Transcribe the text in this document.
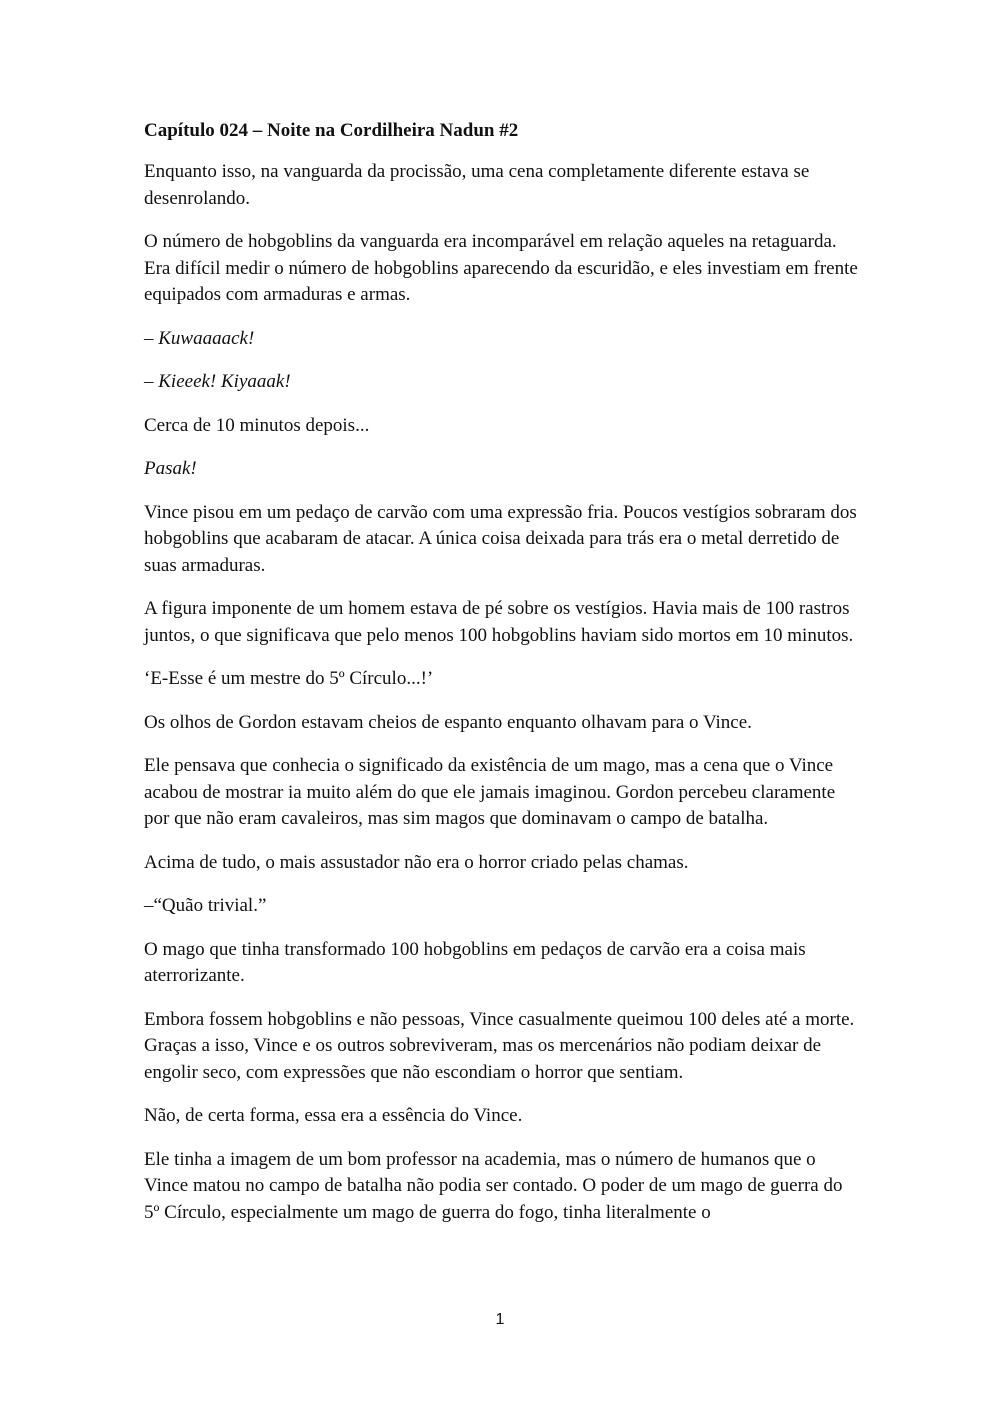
Capítulo 024 – Noite na Cordilheira Nadun #2

Enquanto isso, na vanguarda da procissão, uma cena completamente diferente estava se desenrolando.

O número de hobgoblins da vanguarda era incomparável em relação aqueles na retaguarda. Era difícil medir o número de hobgoblins aparecendo da escuridão, e eles investiam em frente equipados com armaduras e armas.

– Kuwaaaack!

– Kieeek! Kiyaaak!

Cerca de 10 minutos depois...

Pasak!

Vince pisou em um pedaço de carvão com uma expressão fria. Poucos vestígios sobraram dos hobgoblins que acabaram de atacar. A única coisa deixada para trás era o metal derretido de suas armaduras.

A figura imponente de um homem estava de pé sobre os vestígios. Havia mais de 100 rastros juntos, o que significava que pelo menos 100 hobgoblins haviam sido mortos em 10 minutos.

‘E-Esse é um mestre do 5º Círculo...!’

Os olhos de Gordon estavam cheios de espanto enquanto olhavam para o Vince.

Ele pensava que conhecia o significado da existência de um mago, mas a cena que o Vince acabou de mostrar ia muito além do que ele jamais imaginou. Gordon percebeu claramente por que não eram cavaleiros, mas sim magos que dominavam o campo de batalha.

Acima de tudo, o mais assustador não era o horror criado pelas chamas.

–“Quão trivial.”

O mago que tinha transformado 100 hobgoblins em pedaços de carvão era a coisa mais aterrorizante.

Embora fossem hobgoblins e não pessoas, Vince casualmente queimou 100 deles até a morte. Graças a isso, Vince e os outros sobreviveram, mas os mercenários não podiam deixar de engolir seco, com expressões que não escondiam o horror que sentiam.

Não, de certa forma, essa era a essência do Vince.

Ele tinha a imagem de um bom professor na academia, mas o número de humanos que o Vince matou no campo de batalha não podia ser contado. O poder de um mago de guerra do 5º Círculo, especialmente um mago de guerra do fogo, tinha literalmente o

1
